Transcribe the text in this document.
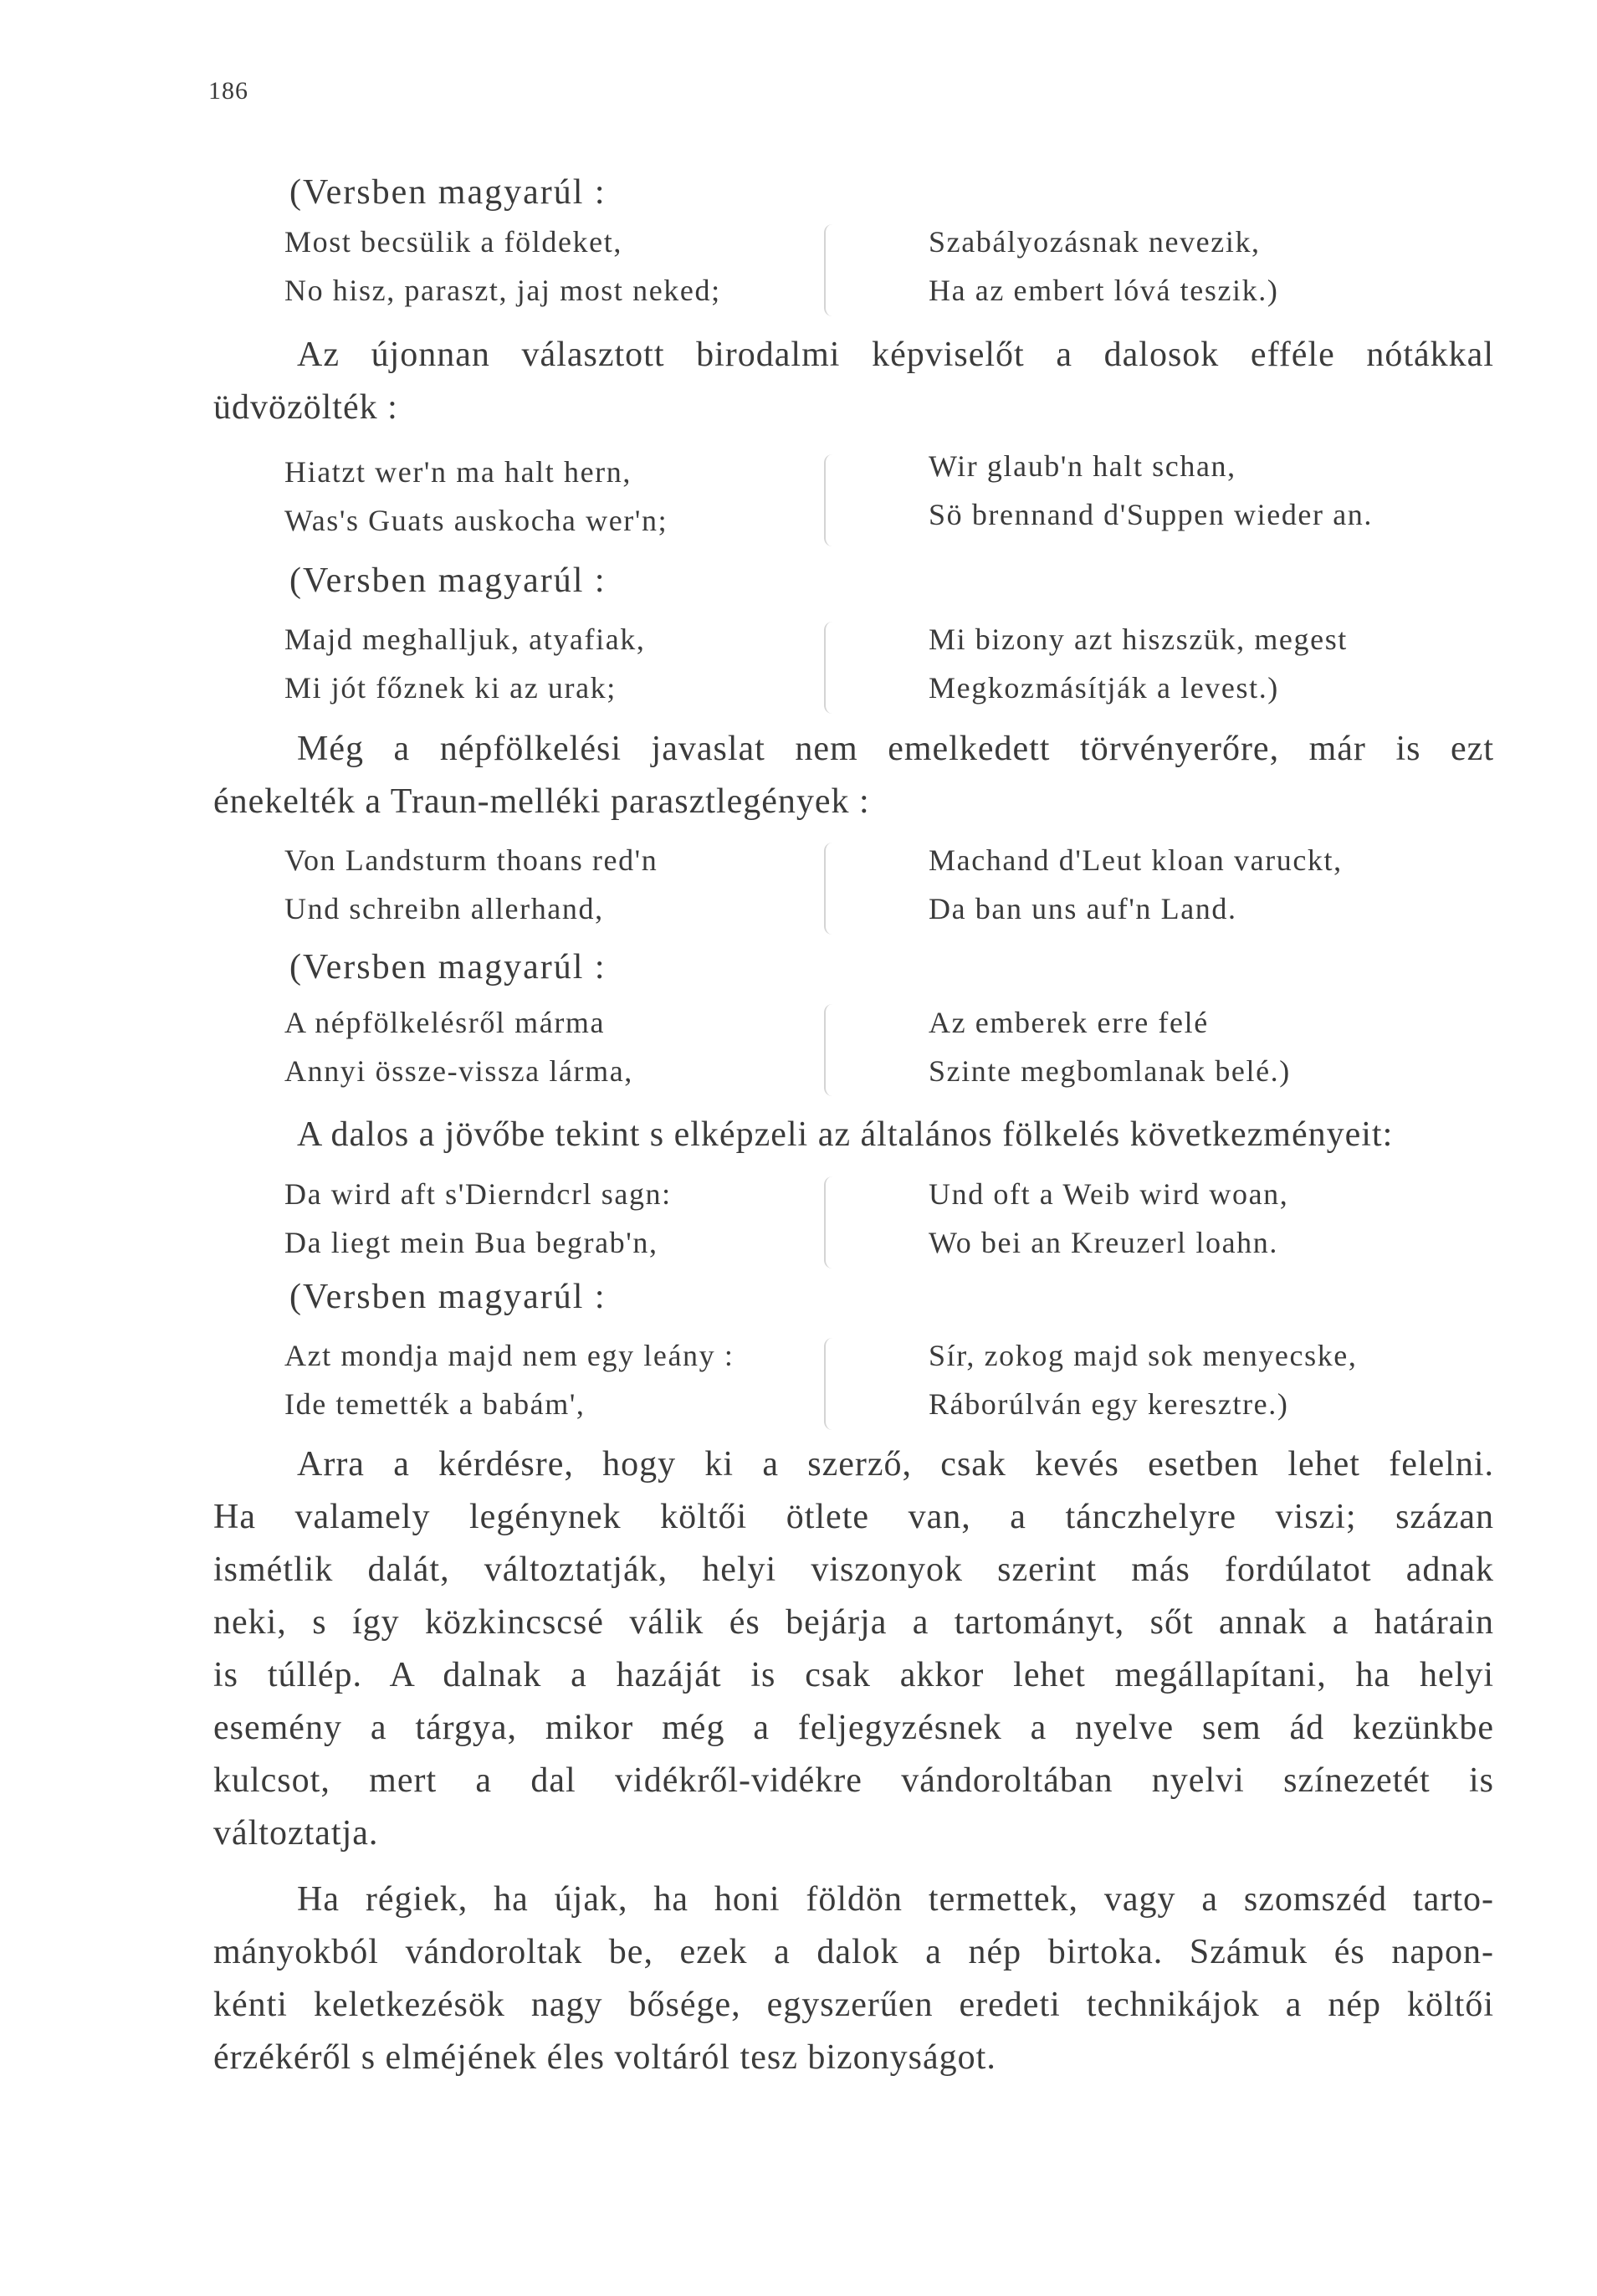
186
(Versben magyarúl :
Most becsülik a földeket,
No hisz, paraszt, jaj most neked;
Szabályozásnak nevezik,
Ha az embert lóvá teszik.)
Az újonnan választott birodalmi képviselőt a dalosok efféle nótákkal
üdvözölték :
Hiatzt wer'n ma halt hern,
Was's Guats auskocha wer'n;
Wir glaub'n halt schan,
Sö brennand d'Suppen wieder an.
(Versben magyarúl :
Majd meghalljuk, atyafiak,
Mi jót főznek ki az urak;
Mi bizony azt hiszszük, megest
Megkozmásítják a levest.)
Még a népfölkelési javaslat nem emelkedett törvényerőre, már is ezt
énekelték a Traun-melléki parasztlegények :
Von Landsturm thoans red'n
Und schreibn allerhand,
Machand d'Leut kloan varuckt,
Da ban uns auf'n Land.
(Versben magyarúl :
A népfölkelésről márma
Annyi össze-vissza lárma,
Az emberek erre felé
Szinte megbomlanak belé.)
A dalos a jövőbe tekint s elképzeli az általános fölkelés következményeit:
Da wird aft s'Dierndcrl sagn:
Da liegt mein Bua begrab'n,
Und oft a Weib wird woan,
Wo bei an Kreuzerl loahn.
(Versben magyarúl :
Azt mondja majd nem egy leány :
Ide temették a babám',
Sír, zokog majd sok menyecske,
Ráborúlván egy keresztre.)
Arra a kérdésre, hogy ki a szerző, csak kevés esetben lehet felelni.
Ha valamely legénynek költői ötlete van, a tánczhelyre viszi; százan
ismétlik dalát, változtatják, helyi viszonyok szerint más fordúlatot adnak
neki, s így közkincscsé válik és bejárja a tartományt, sőt annak a határain
is túllép. A dalnak a hazáját is csak akkor lehet megállapítani, ha helyi
esemény a tárgya, mikor még a feljegyzésnek a nyelve sem ád kezünkbe
kulcsot, mert a dal vidékről-vidékre vándoroltában nyelvi színezetét is
változtatja.
Ha régiek, ha újak, ha honi földön termettek, vagy a szomszéd tarto-
mányokból vándoroltak be, ezek a dalok a nép birtoka. Számuk és napon-
kénti keletkezésök nagy bősége, egyszerűen eredeti technikájok a nép költői
érzékéről s elméjének éles voltáról tesz bizonyságot.
